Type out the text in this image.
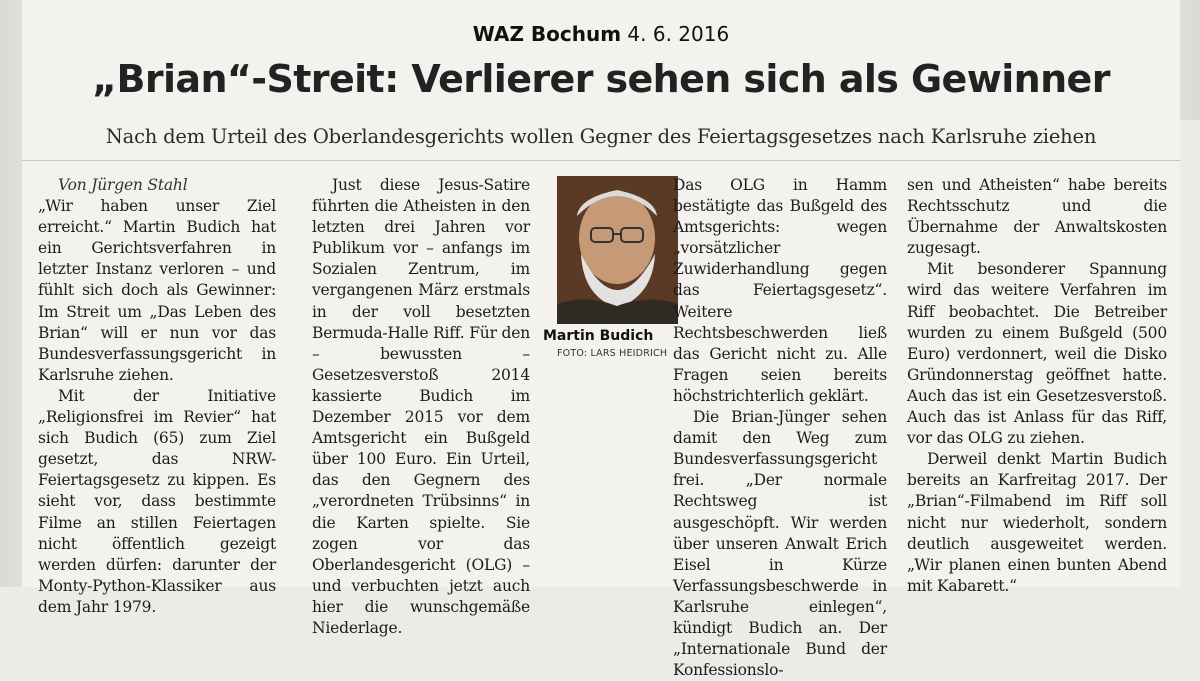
WAZ Bochum 4. 6. 2016
„Brian“-Streit: Verlierer sehen sich als Gewinner
Nach dem Urteil des Oberlandesgerichts wollen Gegner des Feiertagsgesetzes nach Karlsruhe ziehen

Von Jürgen Stahl

„Wir haben unser Ziel erreicht.“ Martin Budich hat ein Gerichtsverfahren in letzter Instanz verloren – und fühlt sich doch als Gewinner: Im Streit um „Das Leben des Brian“ will er nun vor das Bundesverfassungsgericht in Karlsruhe ziehen.

Mit der Initiative „Religionsfrei im Revier“ hat sich Budich (65) zum Ziel gesetzt, das NRW-Feiertagsgesetz zu kippen. Es sieht vor, dass bestimmte Filme an stillen Feiertagen nicht öffentlich gezeigt werden dürfen: darunter der Monty-Python-Klassiker aus dem Jahr 1979.

Just diese Jesus-Satire führten die Atheisten in den letzten drei Jahren vor Publikum vor – anfangs im Sozialen Zentrum, im vergangenen März erstmals in der voll besetzten Bermuda-Halle Riff. Für den – bewussten – Gesetzesverstoß 2014 kassierte Budich im Dezember 2015 vor dem Amtsgericht ein Bußgeld über 100 Euro. Ein Urteil, das den Gegnern des „verordneten Trübsinns“ in die Karten spielte. Sie zogen vor das Oberlandesgericht (OLG) – und verbuchten jetzt auch hier die wunschgemäße Niederlage.

Martin Budich
FOTO: LARS HEIDRICH

Das OLG in Hamm bestätigte das Bußgeld des Amtsgerichts: wegen „vorsätzlicher Zuwiderhandlung gegen das Feiertagsgesetz“. Weitere Rechtsbeschwerden ließ das Gericht nicht zu. Alle Fragen seien bereits höchstrichterlich geklärt.

Die Brian-Jünger sehen damit den Weg zum Bundesverfassungsgericht frei. „Der normale Rechtsweg ist ausgeschöpft. Wir werden über unseren Anwalt Erich Eisel in Kürze Verfassungsbeschwerde in Karlsruhe einlegen“, kündigt Budich an. Der „Internationale Bund der Konfessionslo-

sen und Atheisten“ habe bereits Rechtsschutz und die Übernahme der Anwaltskosten zugesagt.

Mit besonderer Spannung wird das weitere Verfahren im Riff beobachtet. Die Betreiber wurden zu einem Bußgeld (500 Euro) verdonnert, weil die Disko Gründonnerstag geöffnet hatte. Auch das ist ein Gesetzesverstoß. Auch das ist Anlass für das Riff, vor das OLG zu ziehen.

Derweil denkt Martin Budich bereits an Karfreitag 2017. Der „Brian“-Filmabend im Riff soll nicht nur wiederholt, sondern deutlich ausgeweitet werden. „Wir planen einen bunten Abend mit Kabarett.“
